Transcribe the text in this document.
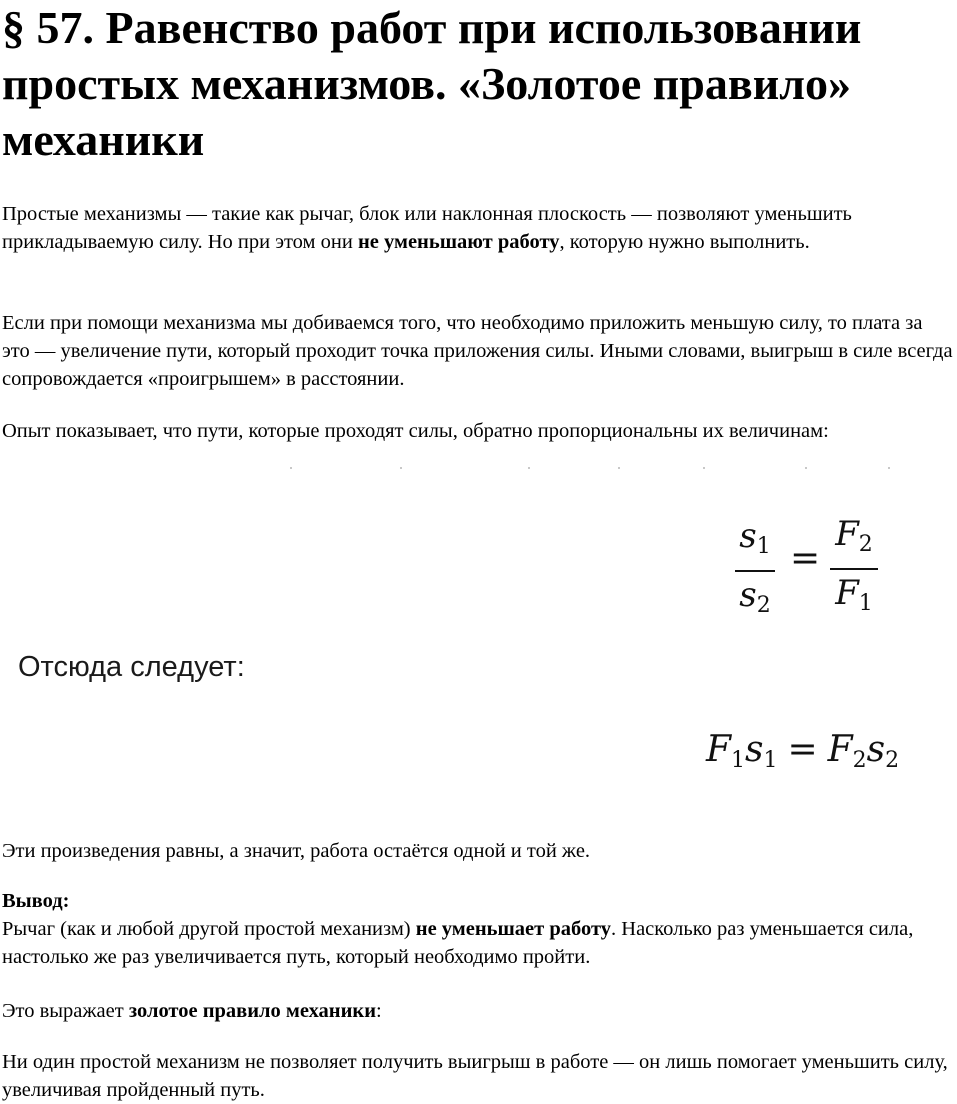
§ 57. Равенство работ при использовании простых механизмов. «Золотое правило» механики

Простые механизмы — такие как рычаг, блок или наклонная плоскость — позволяют уменьшить прикладываемую силу. Но при этом они не уменьшают работу, которую нужно выполнить.

Если при помощи механизма мы добиваемся того, что необходимо приложить меньшую силу, то плата за это — увеличение пути, который проходит точка приложения силы. Иными словами, выигрыш в силе всегда сопровождается «проигрышем» в расстоянии.

Опыт показывает, что пути, которые проходят силы, обратно пропорциональны их величинам:

$s_1$
$s_2$
=
$F_2$
$F_1$
Отсюда следует:
$F_1s_1 = F_2s_2$

Эти произведения равны, а значит, работа остаётся одной и той же.

Вывод:
Рычаг (как и любой другой простой механизм) не уменьшает работу. Насколько раз уменьшается сила, настолько же раз увеличивается путь, который необходимо пройти.

Это выражает золотое правило механики:

Ни один простой механизм не позволяет получить выигрыш в работе — он лишь помогает уменьшить силу, увеличивая пройденный путь.
